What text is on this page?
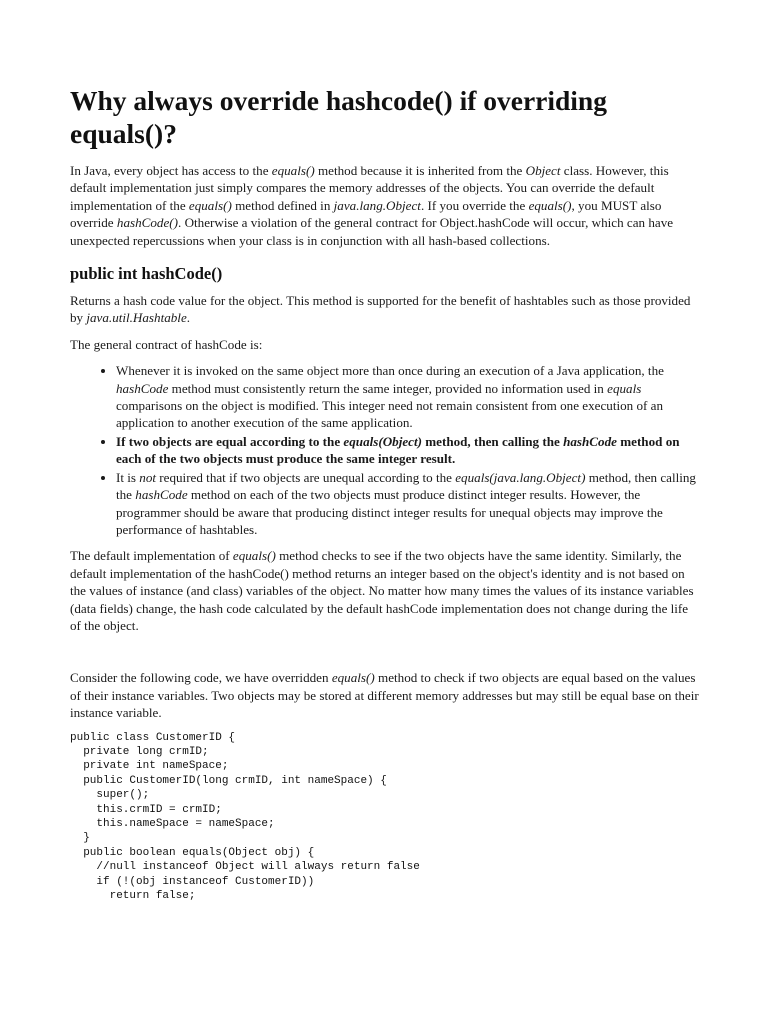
Why always override hashcode() if overriding equals()?

In Java, every object has access to the equals() method because it is inherited from the Object class. However, this default implementation just simply compares the memory addresses of the objects. You can override the default implementation of the equals() method defined in java.lang.Object. If you override the equals(), you MUST also override hashCode(). Otherwise a violation of the general contract for Object.hashCode will occur, which can have unexpected repercussions when your class is in conjunction with all hash-based collections.

public int hashCode()

Returns a hash code value for the object. This method is supported for the benefit of hashtables such as those provided by java.util.Hashtable.

The general contract of hashCode is:

• Whenever it is invoked on the same object more than once during an execution of a Java application, the hashCode method must consistently return the same integer, provided no information used in equals comparisons on the object is modified. This integer need not remain consistent from one execution of an application to another execution of the same application.
• If two objects are equal according to the equals(Object) method, then calling the hashCode method on each of the two objects must produce the same integer result.
• It is not required that if two objects are unequal according to the equals(java.lang.Object) method, then calling the hashCode method on each of the two objects must produce distinct integer results. However, the programmer should be aware that producing distinct integer results for unequal objects may improve the performance of hashtables.

The default implementation of equals() method checks to see if the two objects have the same identity. Similarly, the default implementation of the hashCode() method returns an integer based on the object's identity and is not based on the values of instance (and class) variables of the object. No matter how many times the values of its instance variables (data fields) change, the hash code calculated by the default hashCode implementation does not change during the life of the object.

Consider the following code, we have overridden equals() method to check if two objects are equal based on the values of their instance variables. Two objects may be stored at different memory addresses but may still be equal base on their instance variable.

public class CustomerID {
private long crmID;
private int nameSpace;
public CustomerID(long crmID, int nameSpace) {
super();
this.crmID = crmID;
this.nameSpace = nameSpace;
}
public boolean equals(Object obj) {
//null instanceof Object will always return false
if (!(obj instanceof CustomerID))
return false;
